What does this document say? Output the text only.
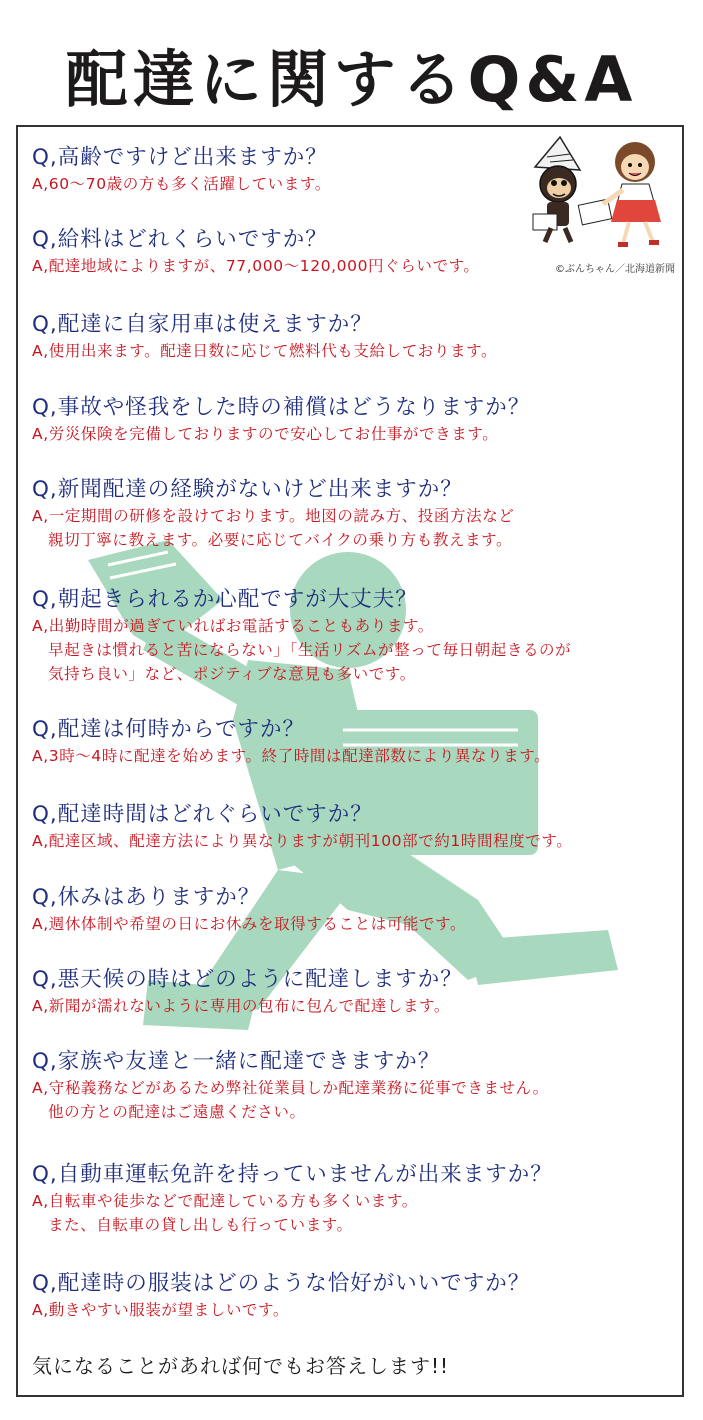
配達に関するQ&A
©ぶんちゃん／北海道新聞
Q,高齢ですけど出来ますか？
A,60〜70歳の方も多く活躍しています。
Q,給料はどれくらいですか？
A,配達地域によりますが、77,000〜120,000円ぐらいです。
Q,配達に自家用車は使えますか？
A,使用出来ます。配達日数に応じて燃料代も支給しております。
Q,事故や怪我をした時の補償はどうなりますか？
A,労災保険を完備しておりますので安心してお仕事ができます。
Q,新聞配達の経験がないけど出来ますか？
A,一定期間の研修を設けております。地図の読み方、投函方法など
親切丁寧に教えます。必要に応じてバイクの乗り方も教えます。
Q,朝起きられるか心配ですが大丈夫？
A,出勤時間が過ぎていればお電話することもあります。
早起きは慣れると苦にならない」「生活リズムが整って毎日朝起きるのが
気持ち良い」など、ポジティブな意見も多いです。
Q,配達は何時からですか？
A,3時〜4時に配達を始めます。終了時間は配達部数により異なります。
Q,配達時間はどれぐらいですか？
A,配達区域、配達方法により異なりますが朝刊100部で約1時間程度です。
Q,休みはありますか？
A,週休体制や希望の日にお休みを取得することは可能です。
Q,悪天候の時はどのように配達しますか？
A,新聞が濡れないように専用の包布に包んで配達します。
Q,家族や友達と一緒に配達できますか？
A,守秘義務などがあるため弊社従業員しか配達業務に従事できません。
他の方との配達はご遠慮ください。
Q,自動車運転免許を持っていませんが出来ますか？
A,自転車や徒歩などで配達している方も多くいます。
また、自転車の貸し出しも行っています。
Q,配達時の服装はどのような恰好がいいですか？
A,動きやすい服装が望ましいです。
気になることがあれば何でもお答えします!!
